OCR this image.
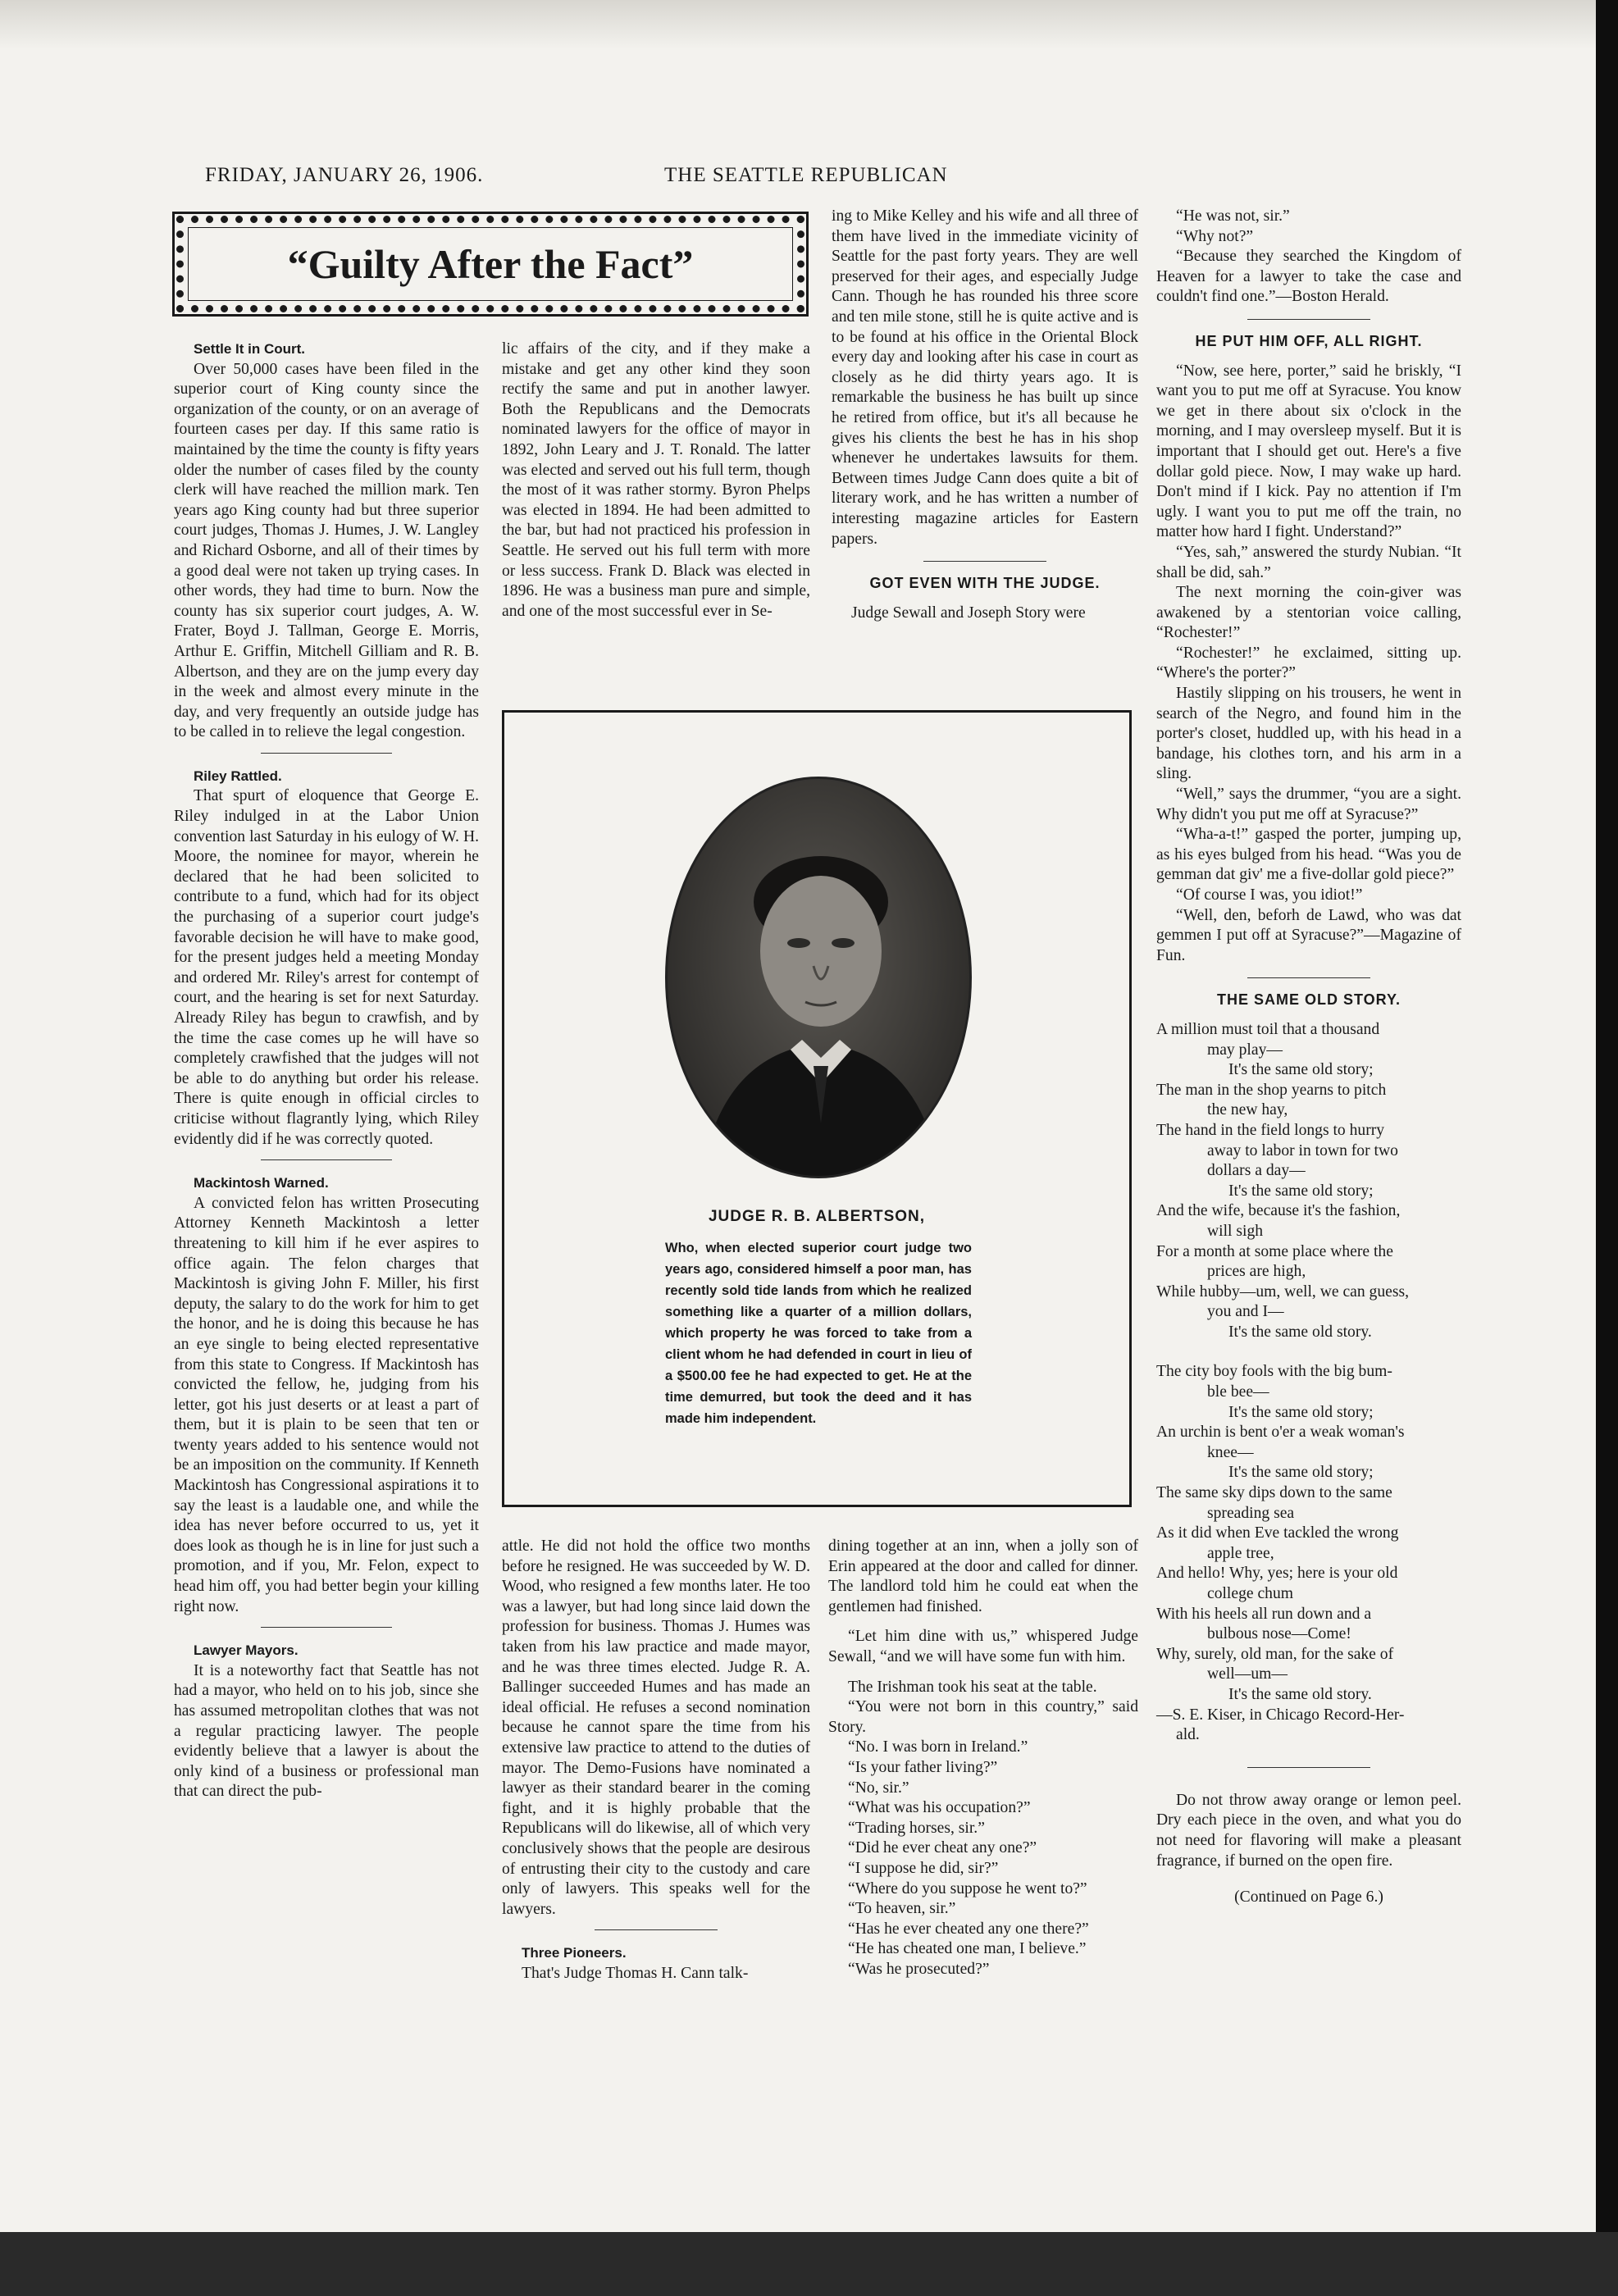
FRIDAY, JANUARY 26, 1906.	THE SEATTLE REPUBLICAN
“Guilty After the Fact”

Settle It in Court.

Over 50,000 cases have been filed in the superior court of King county since the organization of the county, or on an average of fourteen cases per day. If this same ratio is maintained by the time the county is fifty years older the number of cases filed by the county clerk will have reached the million mark. Ten years ago King county had but three superior court judges, Thomas J. Humes, J. W. Langley and Richard Osborne, and all of their times by a good deal were not taken up trying cases. In other words, they had time to burn. Now the county has six superior court judges, A. W. Frater, Boyd J. Tallman, George E. Morris, Arthur E. Griffin, Mitchell Gilliam and R. B. Albertson, and they are on the jump every day in the week and almost every minute in the day, and very frequently an outside judge has to be called in to relieve the legal congestion.

Riley Rattled.

That spurt of eloquence that George E. Riley indulged in at the Labor Union convention last Saturday in his eulogy of W. H. Moore, the nominee for mayor, wherein he declared that he had been solicited to contribute to a fund, which had for its object the purchasing of a superior court judge's favorable decision he will have to make good, for the present judges held a meeting Monday and ordered Mr. Riley's arrest for contempt of court, and the hearing is set for next Saturday. Already Riley has begun to crawfish, and by the time the case comes up he will have so completely crawfished that the judges will not be able to do anything but order his release. There is quite enough in official circles to criticise without flagrantly lying, which Riley evidently did if he was correctly quoted.

Mackintosh Warned.

A convicted felon has written Prosecuting Attorney Kenneth Mackintosh a letter threatening to kill him if he ever aspires to office again. The felon charges that Mackintosh is giving John F. Miller, his first deputy, the salary to do the work for him to get the honor, and he is doing this because he has an eye single to being elected representative from this state to Congress. If Mackintosh has convicted the fellow, he, judging from his letter, got his just deserts or at least a part of them, but it is plain to be seen that ten or twenty years added to his sentence would not be an imposition on the community. If Kenneth Mackintosh has Congressional aspirations it to say the least is a laudable one, and while the idea has never before occurred to us, yet it does look as though he is in line for just such a promotion, and if you, Mr. Felon, expect to head him off, you had better begin your killing right now.

Lawyer Mayors.

It is a noteworthy fact that Seattle has not had a mayor, who held on to his job, since she has assumed metropolitan clothes that was not a regular practicing lawyer. The people evidently believe that a lawyer is about the only kind of a business or professional man that can direct the pub-

lic affairs of the city, and if they make a mistake and get any other kind they soon rectify the same and put in another lawyer. Both the Republicans and the Democrats nominated lawyers for the office of mayor in 1892, John Leary and J. T. Ronald. The latter was elected and served out his full term, though the most of it was rather stormy. Byron Phelps was elected in 1894. He had been admitted to the bar, but had not practiced his profession in Seattle. He served out his full term with more or less success. Frank D. Black was elected in 1896. He was a business man pure and simple, and one of the most successful ever in Se-

ing to Mike Kelley and his wife and all three of them have lived in the immediate vicinity of Seattle for the past forty years. They are well preserved for their ages, and especially Judge Cann. Though he has rounded his three score and ten mile stone, still he is quite active and is to be found at his office in the Oriental Block every day and looking after his case in court as closely as he did thirty years ago. It is remarkable the business he has built up since he retired from office, but it's all because he gives his clients the best he has in his shop whenever he undertakes lawsuits for them. Between times Judge Cann does quite a bit of literary work, and he has written a number of interesting magazine articles for Eastern papers.

GOT EVEN WITH THE JUDGE.

Judge Sewall and Joseph Story were

JUDGE R. B. ALBERTSON,
Who, when elected superior court judge two years ago, considered himself a poor man, has recently sold tide lands from which he realized something like a quarter of a million dollars, which property he was forced to take from a client whom he had defended in court in lieu of a $500.00 fee he had expected to get. He at the time demurred, but took the deed and it has made him independent.

attle. He did not hold the office two months before he resigned. He was succeeded by W. D. Wood, who resigned a few months later. He too was a lawyer, but had long since laid down the profession for business. Thomas J. Humes was taken from his law practice and made mayor, and he was three times elected. Judge R. A. Ballinger succeeded Humes and has made an ideal official. He refuses a second nomination because he cannot spare the time from his extensive law practice to attend to the duties of mayor. The Demo-Fusions have nominated a lawyer as their standard bearer in the coming fight, and it is highly probable that the Republicans will do likewise, all of which very conclusively shows that the people are desirous of entrusting their city to the custody and care only of lawyers. This speaks well for the lawyers.

Three Pioneers.

That's Judge Thomas H. Cann talk-

dining together at an inn, when a jolly son of Erin appeared at the door and called for dinner. The landlord told him he could eat when the gentlemen had finished.

“Let him dine with us,” whispered Judge Sewall, “and we will have some fun with him.

The Irishman took his seat at the table.

“You were not born in this country,” said Story.

“No. I was born in Ireland.”

“Is your father living?”

“No, sir.”

“What was his occupation?”

“Trading horses, sir.”

“Did he ever cheat any one?”

“I suppose he did, sir?”

“Where do you suppose he went to?”

“To heaven, sir.”

“Has he ever cheated any one there?”

“He has cheated one man, I believe.”

“Was he prosecuted?”

“He was not, sir.”

“Why not?”

“Because they searched the Kingdom of Heaven for a lawyer to take the case and couldn't find one.”—Boston Herald.

HE PUT HIM OFF, ALL RIGHT.

“Now, see here, porter,” said he briskly, “I want you to put me off at Syracuse. You know we get in there about six o'clock in the morning, and I may oversleep myself. But it is important that I should get out. Here's a five dollar gold piece. Now, I may wake up hard. Don't mind if I kick. Pay no attention if I'm ugly. I want you to put me off the train, no matter how hard I fight. Understand?”

“Yes, sah,” answered the sturdy Nubian. “It shall be did, sah.”

The next morning the coin-giver was awakened by a stentorian voice calling, “Rochester!”

“Rochester!” he exclaimed, sitting up. “Where's the porter?”

Hastily slipping on his trousers, he went in search of the Negro, and found him in the porter's closet, huddled up, with his head in a bandage, his clothes torn, and his arm in a sling.

“Well,” says the drummer, “you are a sight. Why didn't you put me off at Syracuse?”

“Wha-a-t!” gasped the porter, jumping up, as his eyes bulged from his head. “Was you de gemman dat giv' me a five-dollar gold piece?”

“Of course I was, you idiot!”

“Well, den, beforh de Lawd, who was dat gemmen I put off at Syracuse?”—Magazine of Fun.

THE SAME OLD STORY.
A million must toil that a thousand
may play—
It's the same old story;
The man in the shop yearns to pitch
the new hay,
The hand in the field longs to hurry
away to labor in town for two
dollars a day—
It's the same old story;
And the wife, because it's the fashion,
will sigh
For a month at some place where the
prices are high,
While hubby—um, well, we can guess,
you and I—
It's the same old story.
The city boy fools with the big bum-
ble bee—
It's the same old story;
An urchin is bent o'er a weak woman's
knee—
It's the same old story;
The same sky dips down to the same
spreading sea
As it did when Eve tackled the wrong
apple tree,
And hello! Why, yes; here is your old
college chum
With his heels all run down and a
bulbous nose—Come!
Why, surely, old man, for the sake of
well—um—
It's the same old story.
—S. E. Kiser, in Chicago Record-Her-
ald.

Do not throw away orange or lemon peel. Dry each piece in the oven, and what you do not need for flavoring will make a pleasant fragrance, if burned on the open fire.

(Continued on Page 6.)
